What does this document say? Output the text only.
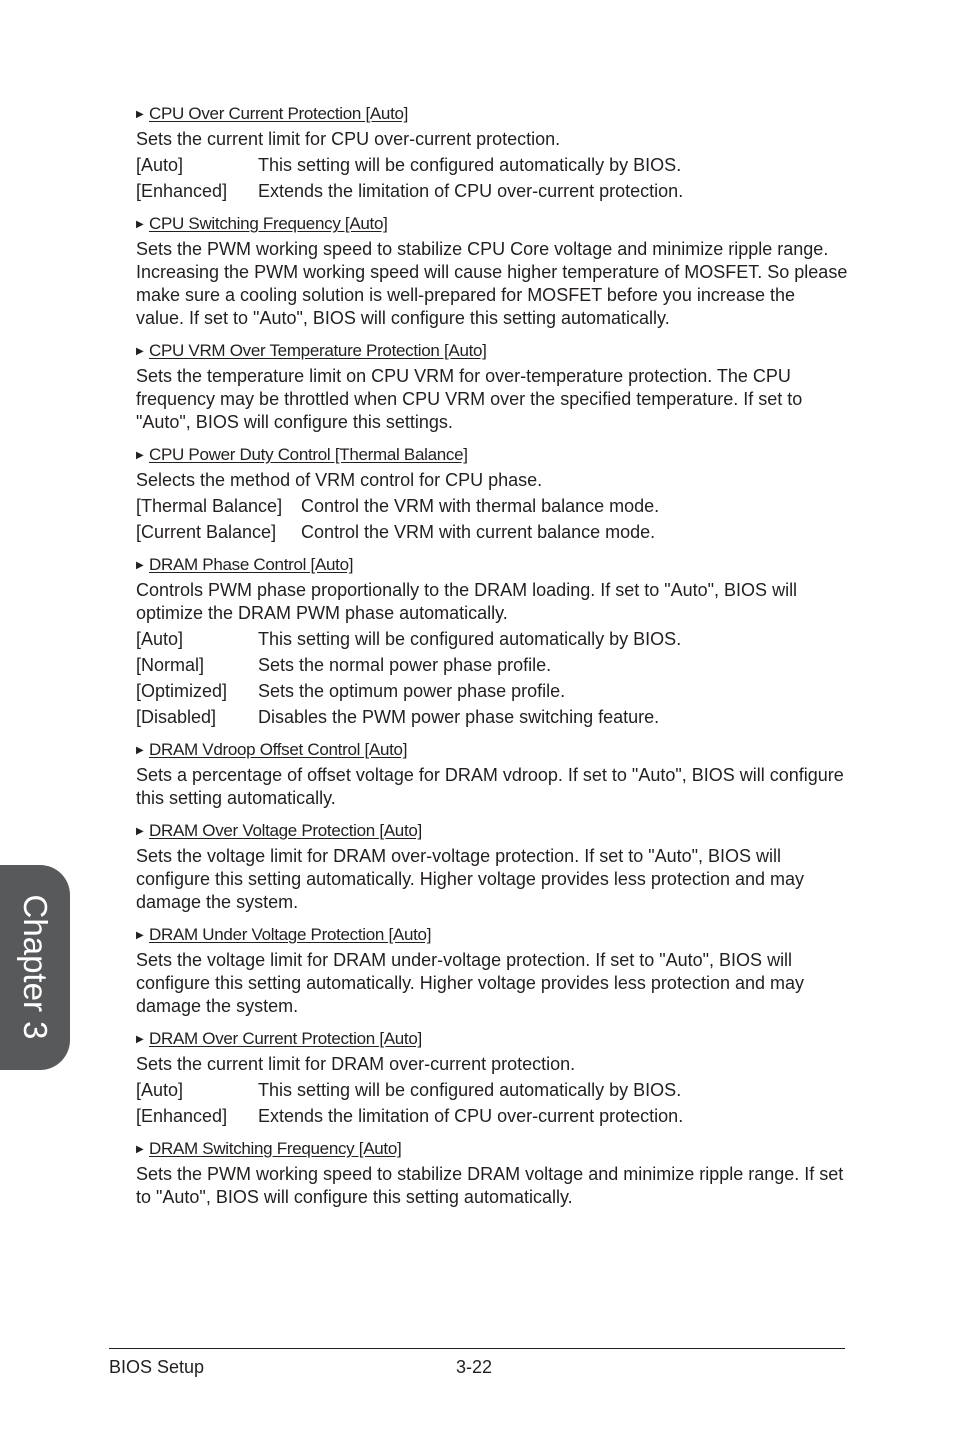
Chapter 3
▶ CPU Over Current Protection [Auto]
Sets the current limit for CPU over-current protection.
[Auto]	This setting will be configured automatically by BIOS.
[Enhanced]	Extends the limitation of CPU over-current protection.
▶ CPU Switching Frequency [Auto]
Sets the PWM working speed to stabilize CPU Core voltage and minimize ripple range. Increasing the PWM working speed will cause higher temperature of MOSFET. So please make sure a cooling solution is well-prepared for MOSFET before you increase the value. If set to "Auto", BIOS will configure this setting automatically.
▶ CPU VRM Over Temperature Protection [Auto]
Sets the temperature limit on CPU VRM for over-temperature protection. The CPU frequency may be throttled when CPU VRM over the specified temperature. If set to "Auto", BIOS will configure this settings.
▶ CPU Power Duty Control [Thermal Balance]
Selects the method of VRM control for CPU phase.
[Thermal Balance]	Control the VRM with thermal balance mode.
[Current Balance]	Control the VRM with current balance mode.
▶ DRAM Phase Control [Auto]
Controls PWM phase proportionally to the DRAM loading. If set to "Auto", BIOS will optimize the DRAM PWM phase automatically.
[Auto]	This setting will be configured automatically by BIOS.
[Normal]	Sets the normal power phase profile.
[Optimized]	Sets the optimum power phase profile.
[Disabled]	Disables the PWM power phase switching feature.
▶ DRAM Vdroop Offset Control [Auto]
Sets a percentage of offset voltage for DRAM vdroop. If set to "Auto", BIOS will configure this setting automatically.
▶ DRAM Over Voltage Protection [Auto]
Sets the voltage limit for DRAM over-voltage protection. If set to "Auto", BIOS will configure this setting automatically. Higher voltage provides less protection and may damage the system.
▶ DRAM Under Voltage Protection [Auto]
Sets the voltage limit for DRAM under-voltage protection. If set to "Auto", BIOS will configure this setting automatically. Higher voltage provides less protection and may damage the system.
▶ DRAM Over Current Protection [Auto]
Sets the current limit for DRAM over-current protection.
[Auto]	This setting will be configured automatically by BIOS.
[Enhanced]	Extends the limitation of CPU over-current protection.
▶ DRAM Switching Frequency [Auto]
Sets the PWM working speed to stabilize DRAM voltage and minimize ripple range. If set to "Auto", BIOS will configure this setting automatically.
BIOS Setup	3-22
